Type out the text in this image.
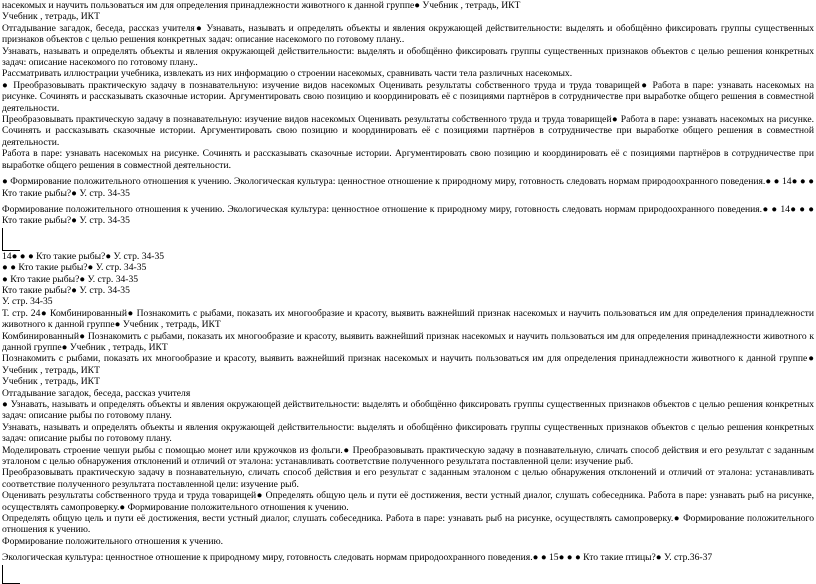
насекомых и научить пользоваться им для определения принадлежности животного к данной группе● Учебник , тетрадь, ИКТ

Учебник , тетрадь, ИКТ

Отгадывание загадок, беседа, рассказ учителя● Узнавать, называть и определять объекты и явления окружающей действительности: выделять и обобщённо фиксировать группы существенных признаков объектов с целью решения конкретных задач: описание насекомого по готовому плану..

Узнавать, называть и определять объекты и явления окружающей действительности: выделять и обобщённо фиксировать группы существенных признаков объектов с целью решения конкретных задач: описание насекомого по готовому плану..

Рассматривать иллюстрации учебника, извлекать из них информацию о строении насекомых, сравнивать части тела различных насекомых.

● Преобразовывать практическую задачу в познавательную: изучение видов насекомых Оценивать результаты собственного труда и труда товарищей● Работа в паре: узнавать насекомых на рисунке. Сочинять и рассказывать сказочные истории. Аргументировать свою позицию и координировать её с позициями партнёров в сотрудничестве при выработке общего решения в совместной деятельности.

Преобразовывать практическую задачу в познавательную: изучение видов насекомых Оценивать результаты собственного труда и труда товарищей● Работа в паре: узнавать насекомых на рисунке. Сочинять и рассказывать сказочные истории. Аргументировать свою позицию и координировать её с позициями партнёров в сотрудничестве при выработке общего решения в совместной деятельности.

Работа в паре: узнавать насекомых на рисунке. Сочинять и рассказывать сказочные истории. Аргументировать свою позицию и координировать её с позициями партнёров в сотрудничестве при выработке общего решения в совместной деятельности.

● Формирование положительного отношения к учению. Экологическая культура: ценностное отношение к природному миру, готовность следовать нормам природоохранного поведения.● ● 14● ● ● Кто такие рыбы?● У. стр. 34-35

Формирование положительного отношения к учению. Экологическая культура: ценностное отношение к природному миру, готовность следовать нормам природоохранного поведения.● ● 14● ● ● Кто такие рыбы?● У. стр. 34-35

14● ● ● Кто такие рыбы?● У. стр. 34-35

● ● Кто такие рыбы?● У. стр. 34-35

● Кто такие рыбы?● У. стр. 34-35

Кто такие рыбы?● У. стр. 34-35

У. стр. 34-35

Т. стр. 24● Комбинированный● Познакомить с рыбами, показать их многообразие и красоту, выявить важнейший признак насекомых и научить пользоваться им для определения принадлежности животного к данной группе● Учебник , тетрадь, ИКТ

Комбинированный● Познакомить с рыбами, показать их многообразие и красоту, выявить важнейший признак насекомых и научить пользоваться им для определения принадлежности животного к данной группе● Учебник , тетрадь, ИКТ

Познакомить с рыбами, показать их многообразие и красоту, выявить важнейший признак насекомых и научить пользоваться им для определения принадлежности животного к данной группе● Учебник , тетрадь, ИКТ

Учебник , тетрадь, ИКТ

Отгадывание загадок, беседа, рассказ учителя

● Узнавать, называть и определять объекты и явления окружающей действительности: выделять и обобщённо фиксировать группы существенных признаков объектов с целью решения конкретных задач: описание рыбы по готовому плану.

Узнавать, называть и определять объекты и явления окружающей действительности: выделять и обобщённо фиксировать группы существенных признаков объектов с целью решения конкретных задач: описание рыбы по готовому плану.

Моделировать строение чешуи рыбы с помощью монет или кружочков из фольги.● Преобразовывать практическую задачу в познавательную, сличать способ действия и его результат с заданным эталоном с целью обнаружения отклонений и отличий от эталона: устанавливать соответствие полученного результата поставленной цели: изучение рыб.

Преобразовывать практическую задачу в познавательную, сличать способ действия и его результат с заданным эталоном с целью обнаружения отклонений и отличий от эталона: устанавливать соответствие полученного результата поставленной цели: изучение рыб.

Оценивать результаты собственного труда и труда товарищей● Определять общую цель и пути её достижения, вести устный диалог, слушать собеседника. Работа в паре: узнавать рыб на рисунке, осуществлять самопроверку.● Формирование положительного отношения к учению.

Определять общую цель и пути её достижения, вести устный диалог, слушать собеседника. Работа в паре: узнавать рыб на рисунке, осуществлять самопроверку.● Формирование положительного отношения к учению.

Формирование положительного отношения к учению.

Экологическая культура: ценностное отношение к природному миру, готовность следовать нормам природоохранного поведения.● ● 15● ● ● Кто такие птицы?● У. стр.36-37
